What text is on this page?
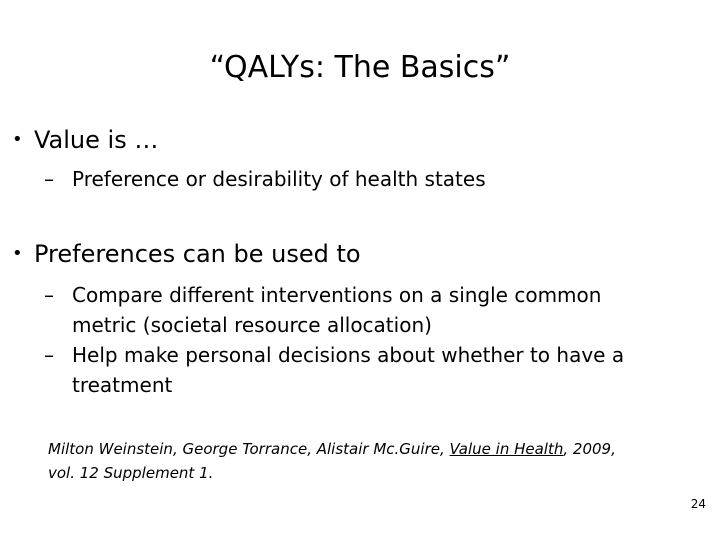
“QALYs: The Basics”
• Value is …
– Preference or desirability of health states
• Preferences can be used to
– Compare different interventions on a single common
metric (societal resource allocation)
– Help make personal decisions about whether to have a
treatment
Milton Weinstein, George Torrance, Alistair Mc.Guire, Value in Health, 2009,
vol. 12 Supplement 1.
24
